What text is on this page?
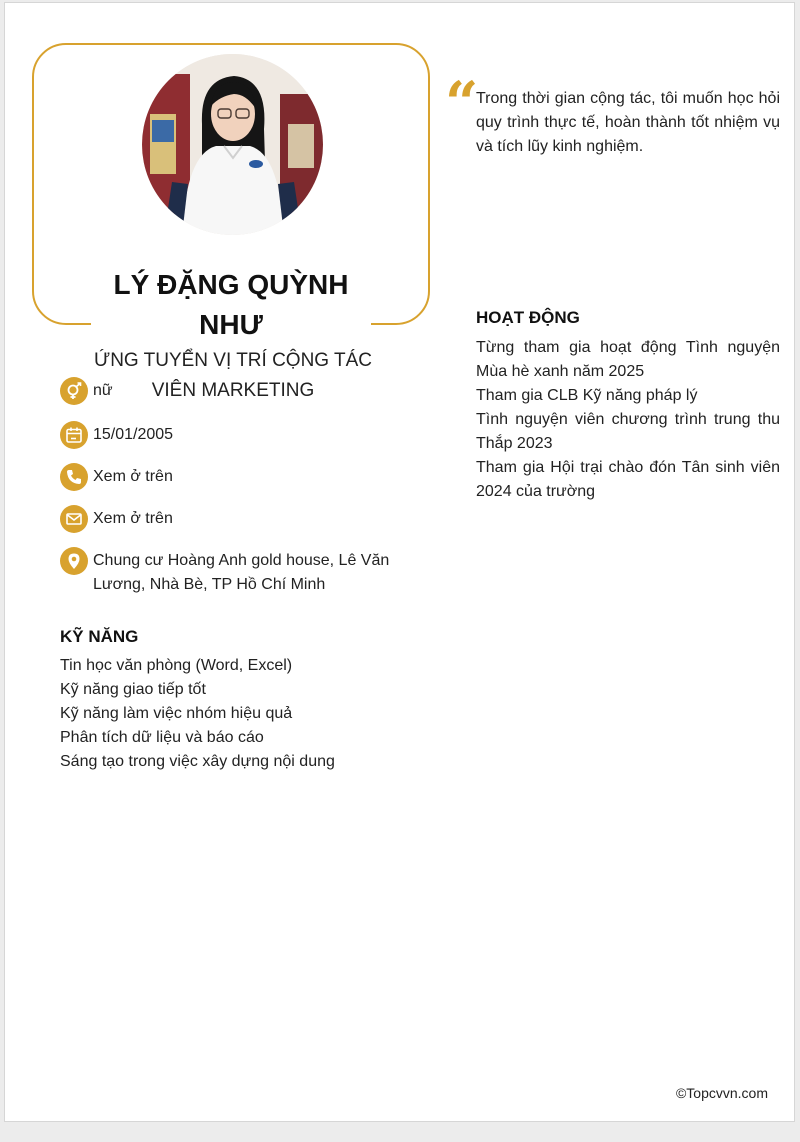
LÝ ĐẶNG QUỲNH NHƯ
ỨNG TUYỂN VỊ TRÍ CỘNG TÁC VIÊN MARKETING
nữ
15/01/2005
Xem ở trên
Xem ở trên
Chung cư Hoàng Anh gold house, Lê Văn Lương, Nhà Bè, TP Hồ Chí Minh
KỸ NĂNG
Tin học văn phòng (Word, Excel)
Kỹ năng giao tiếp tốt
Kỹ năng làm việc nhóm hiệu quả
Phân tích dữ liệu và báo cáo
Sáng tạo trong việc xây dựng nội dung
“
Trong thời gian cộng tác, tôi muốn học hỏi quy trình thực tế, hoàn thành tốt nhiệm vụ và tích lũy kinh nghiệm.
HOẠT ĐỘNG
Từng tham gia hoạt động Tình nguyện Mùa hè xanh năm 2025
Tham gia CLB Kỹ năng pháp lý
Tình nguyện viên chương trình trung thu Thắp 2023
Tham gia Hội trại chào đón Tân sinh viên 2024 của trường
©Topcvvn.com
